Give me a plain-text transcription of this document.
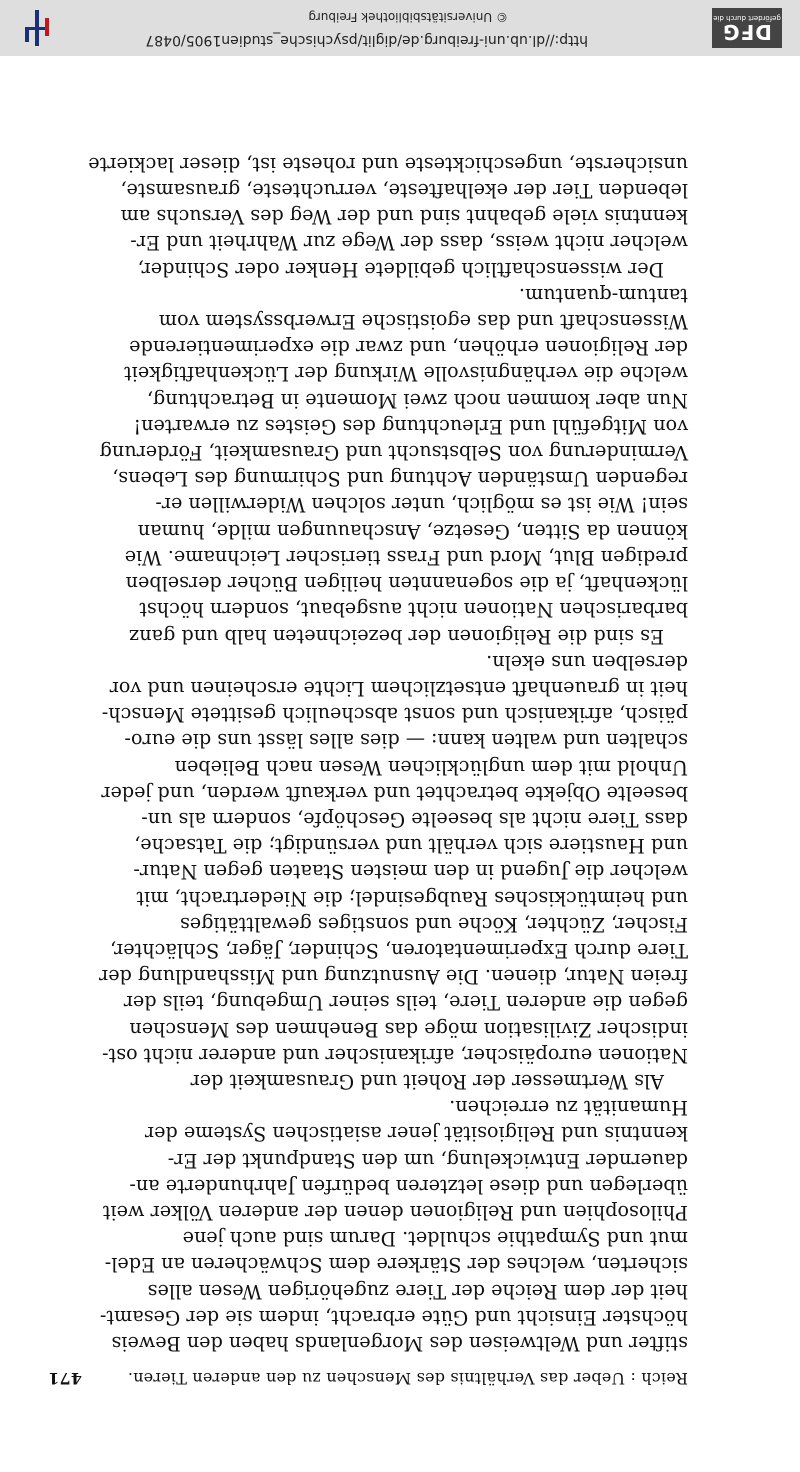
Reich : Ueber das Verhältnis des Menschen zu den anderen Tieren.
471
stifter und Weltweisen des Morgenlands haben den Beweis
höchster Einsicht und Güte erbracht, indem sie der Gesamt-
heit der dem Reiche der Tiere zugehörigen Wesen alles
sicherten, welches der Stärkere dem Schwächeren an Edel-
mut und Sympathie schuldet. Darum sind auch jene
Philosophien und Religionen denen der anderen Völker weit
überlegen und diese letzteren bedürfen Jahrhunderte an-
dauernder Entwickelung, um den Standpunkt der Er-
kenntnis und Religiosität jener asiatischen Systeme der
Humanität zu erreichen.
Als Wertmesser der Roheit und Grausamkeit der
Nationen europäischer, afrikanischer und anderer nicht ost-
indischer Zivilisation möge das Benehmen des Menschen
gegen die anderen Tiere, teils seiner Umgebung, teils der
freien Natur, dienen. Die Ausnutzung und Misshandlung der
Tiere durch Experimentatoren, Schinder, Jäger, Schlächter,
Fischer, Züchter, Köche und sonstiges gewalttätiges
und heimtückisches Raubgesindel; die Niedertracht, mit
welcher die Jugend in den meisten Staaten gegen Natur-
und Haustiere sich verhält und versündigt; die Tatsache,
dass Tiere nicht als beseelte Geschöpfe, sondern als un-
beseelte Objekte betrachtet und verkauft werden, und jeder
Unhold mit dem unglücklichen Wesen nach Belieben
schalten und walten kann: — dies alles lässt uns die euro-
päisch, afrikanisch und sonst abscheulich gesittete Mensch-
heit in grauenhaft entsetzlichem Lichte erscheinen und vor
derselben uns ekeln.
Es sind die Religionen der bezeichneten halb und ganz
barbarischen Nationen nicht ausgebaut, sondern höchst
lückenhaft, ja die sogenannten heiligen Bücher derselben
predigen Blut, Mord und Frass tierischer Leichname. Wie
können da Sitten, Gesetze, Anschauungen milde, human
sein! Wie ist es möglich, unter solchen Widerwillen er-
regenden Umständen Achtung und Schirmung des Lebens,
Verminderung von Selbstsucht und Grausamkeit, Förderung
von Mitgefühl und Erleuchtung des Geistes zu erwarten!
Nun aber kommen noch zwei Momente in Betrachtung,
welche die verhängnisvolle Wirkung der Lückenhaftigkeit
der Religionen erhöhen, und zwar die experimentierende
Wissenschaft und das egoistische Erwerbssystem vom
tantum-quantum.
Der wissenschaftlich gebildete Henker oder Schinder,
welcher nicht weiss, dass der Wege zur Wahrheit und Er-
kenntnis viele gebahnt sind und der Weg des Versuchs am
lebenden Tier der ekelhafteste, verruchteste, grausamste,
unsicherste, ungeschickteste und roheste ist, dieser lackierte
http://dl.ub.uni-freiburg.de/diglit/psychische_studien1905/0487
© Universitätsbibliothek Freiburg
DFG
gefördert durch die
